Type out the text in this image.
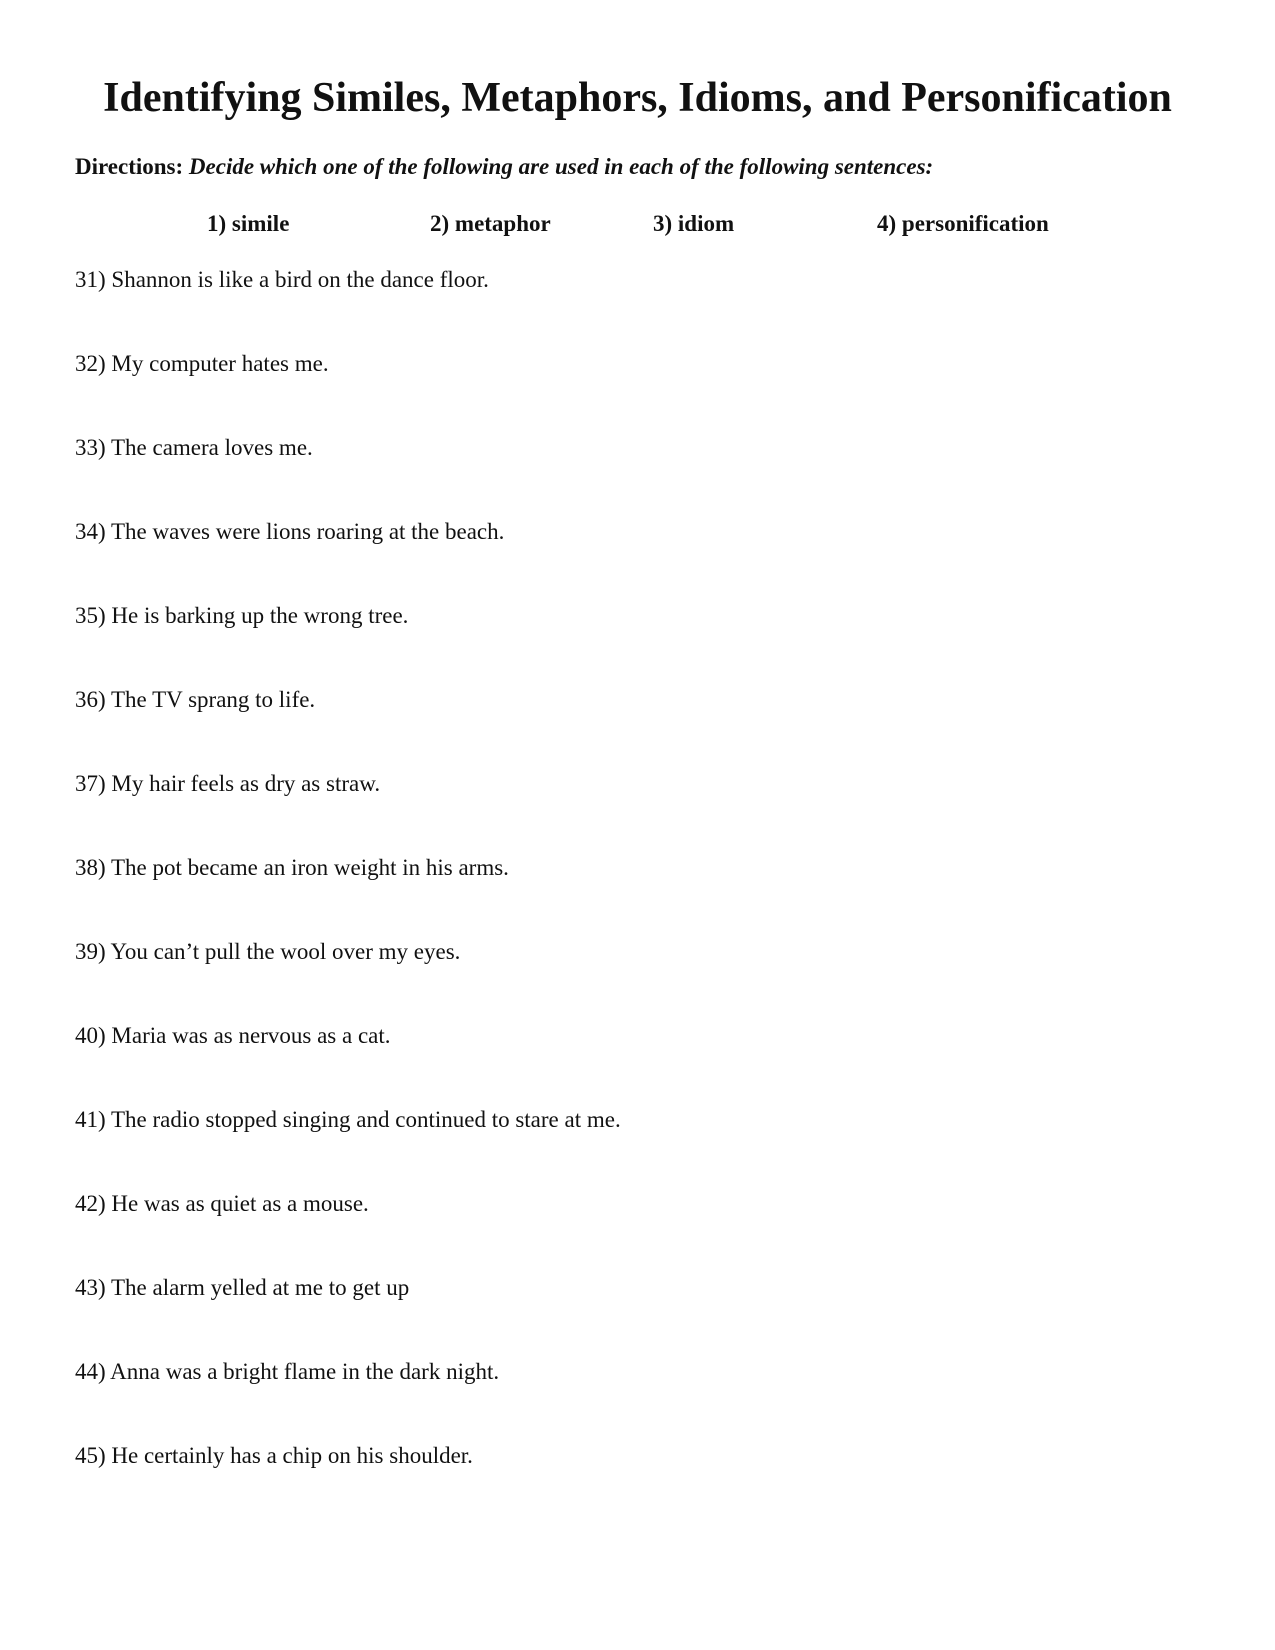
Identifying Similes, Metaphors, Idioms, and Personification
Directions: Decide which one of the following are used in each of the following sentences:
1) simile	2) metaphor	3) idiom	4) personification
31) Shannon is like a bird on the dance floor.
32) My computer hates me.
33) The camera loves me.
34) The waves were lions roaring at the beach.
35) He is barking up the wrong tree.
36) The TV sprang to life.
37) My hair feels as dry as straw.
38) The pot became an iron weight in his arms.
39) You can’t pull the wool over my eyes.
40) Maria was as nervous as a cat.
41) The radio stopped singing and continued to stare at me.
42) He was as quiet as a mouse.
43) The alarm yelled at me to get up
44) Anna was a bright flame in the dark night.
45) He certainly has a chip on his shoulder.
